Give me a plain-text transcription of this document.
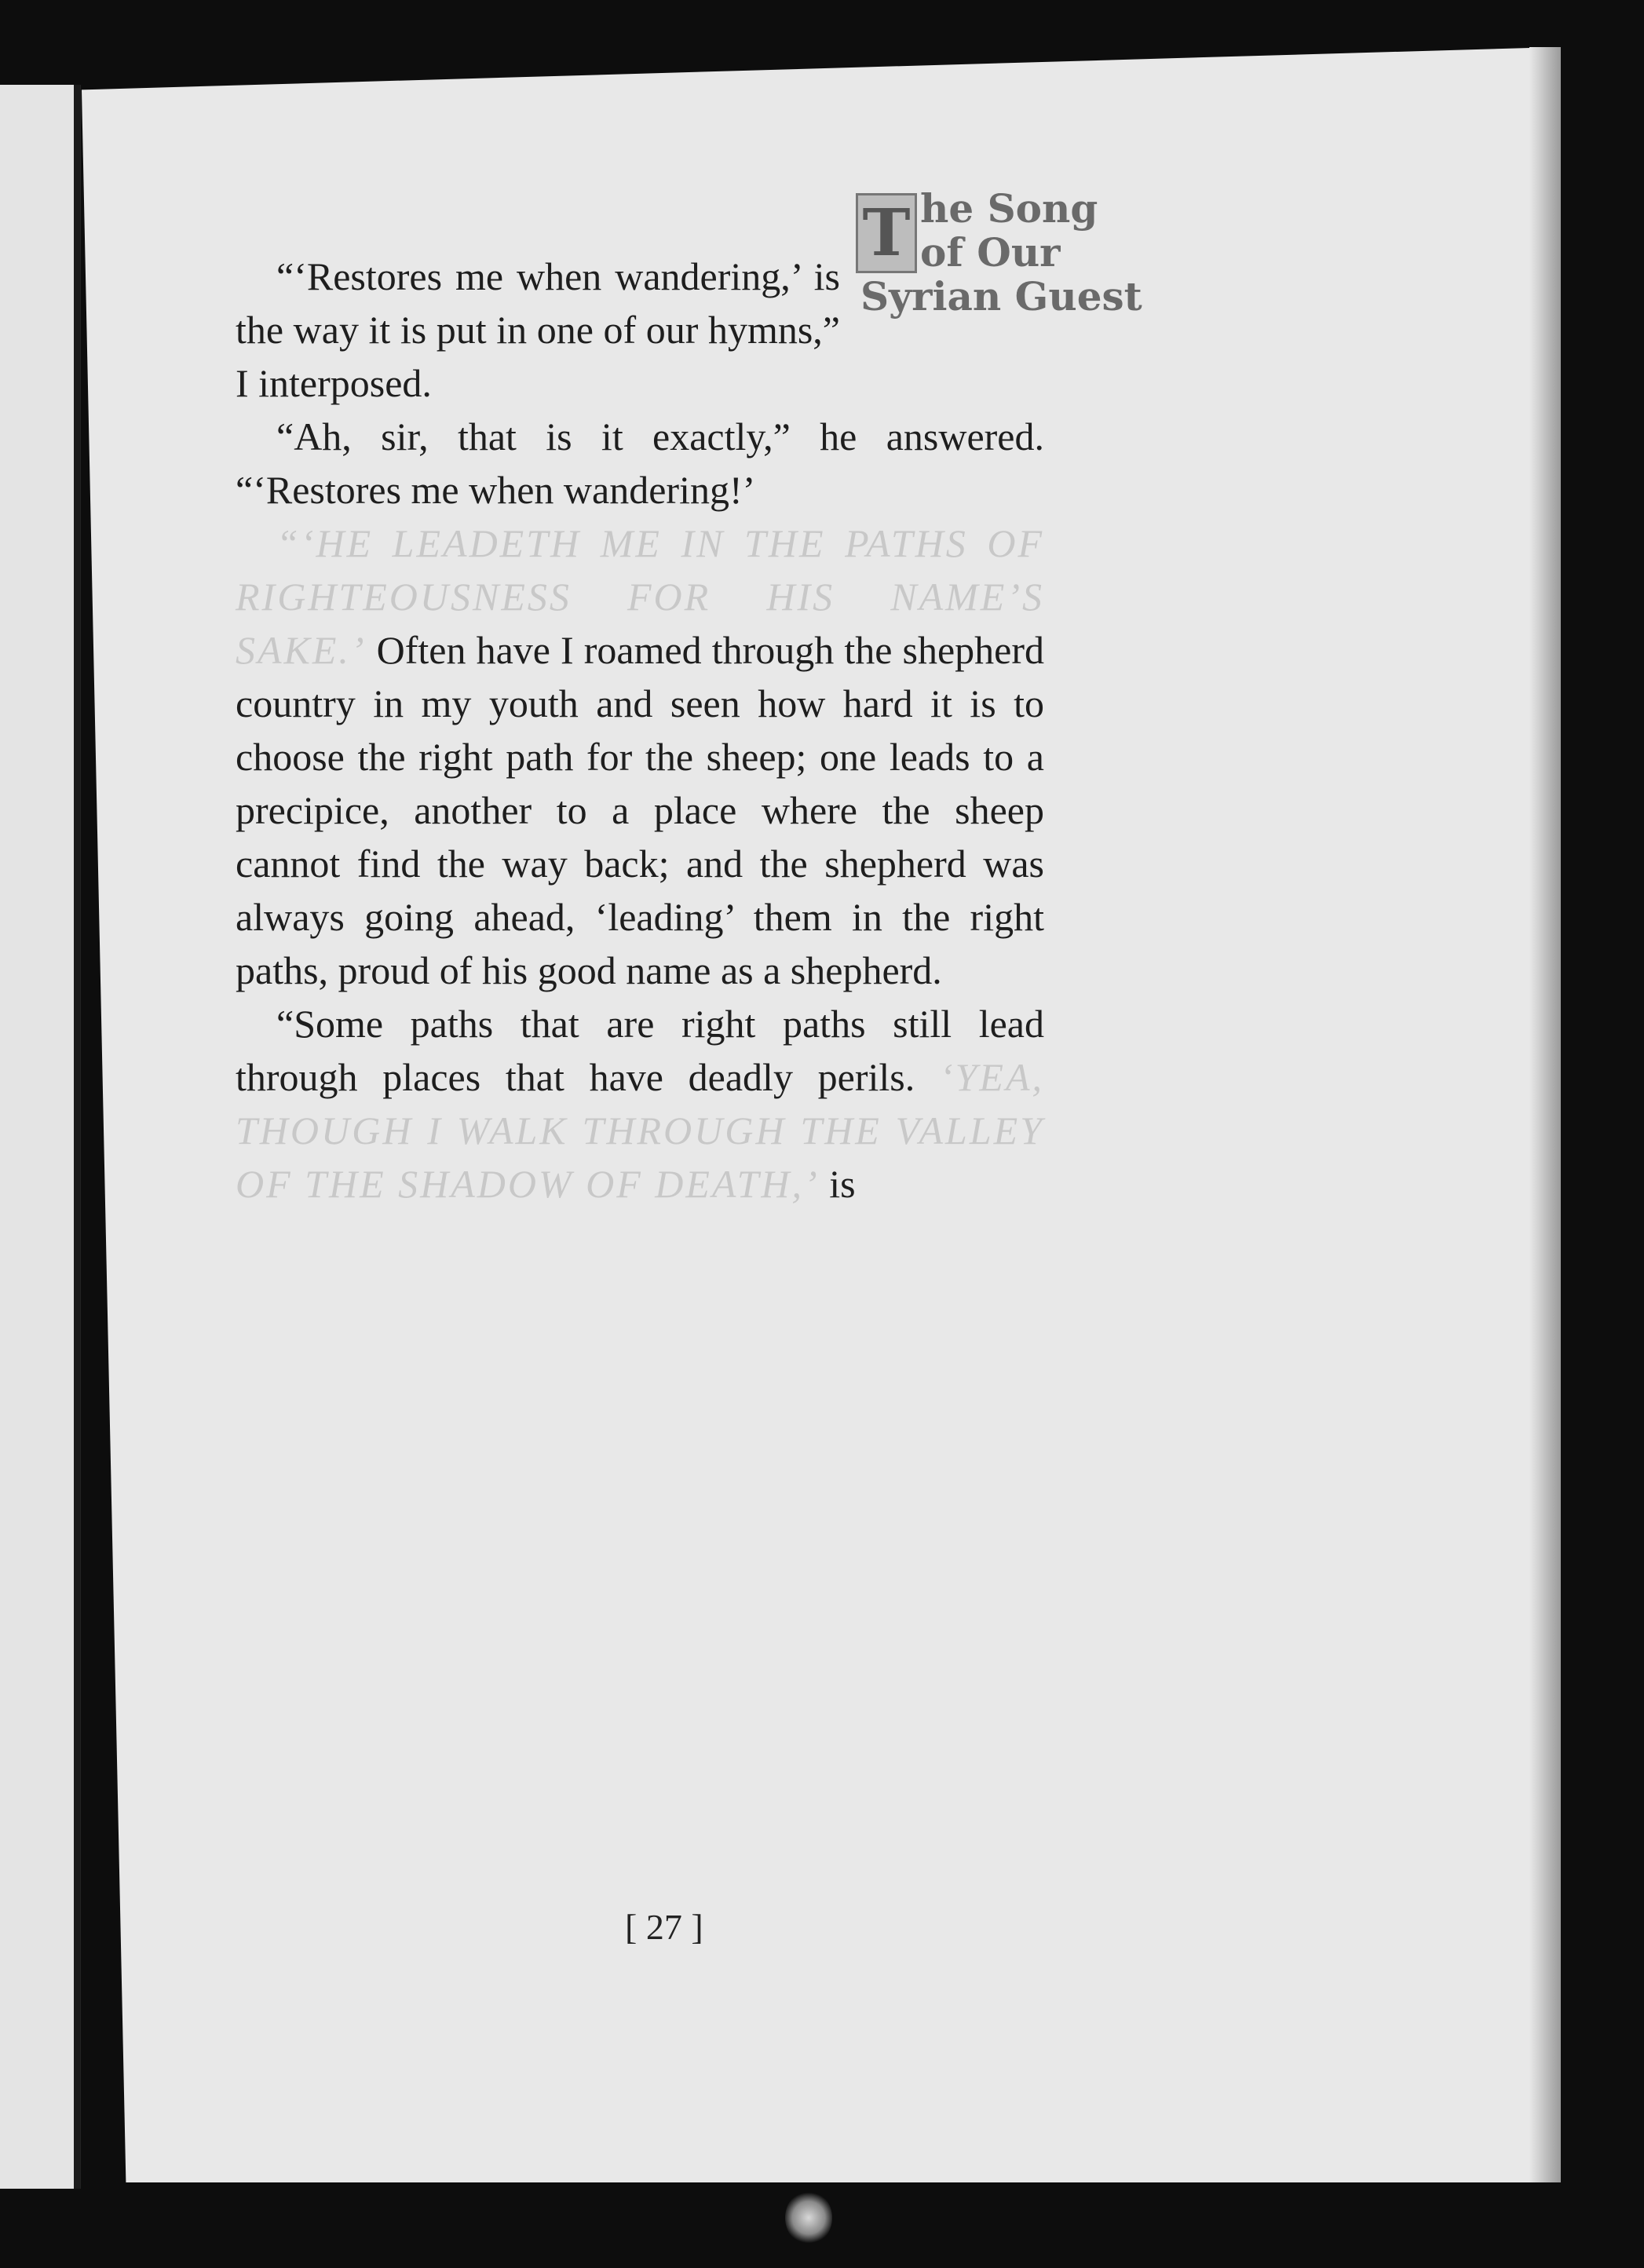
T he Song
of Our
Syrian Guest

“‘Restores me when wandering,’ is the way it is put in one of our hymns,” I interposed.

“Ah, sir, that is it exactly,” he answered. “‘Restores me when wandering!’

“‘HE LEADETH ME IN THE PATHS OF RIGHTEOUSNESS FOR HIS NAME’S SAKE.’ Often have I roamed through the shepherd country in my youth and seen how hard it is to choose the right path for the sheep; one leads to a precipice, another to a place where the sheep cannot find the way back; and the shepherd was always going ahead, ‘leading’ them in the right paths, proud of his good name as a shepherd.

“Some paths that are right paths still lead through places that have deadly perils. ‘YEA, THOUGH I WALK THROUGH THE VALLEY OF THE SHADOW OF DEATH,’ is

[ 27 ]
